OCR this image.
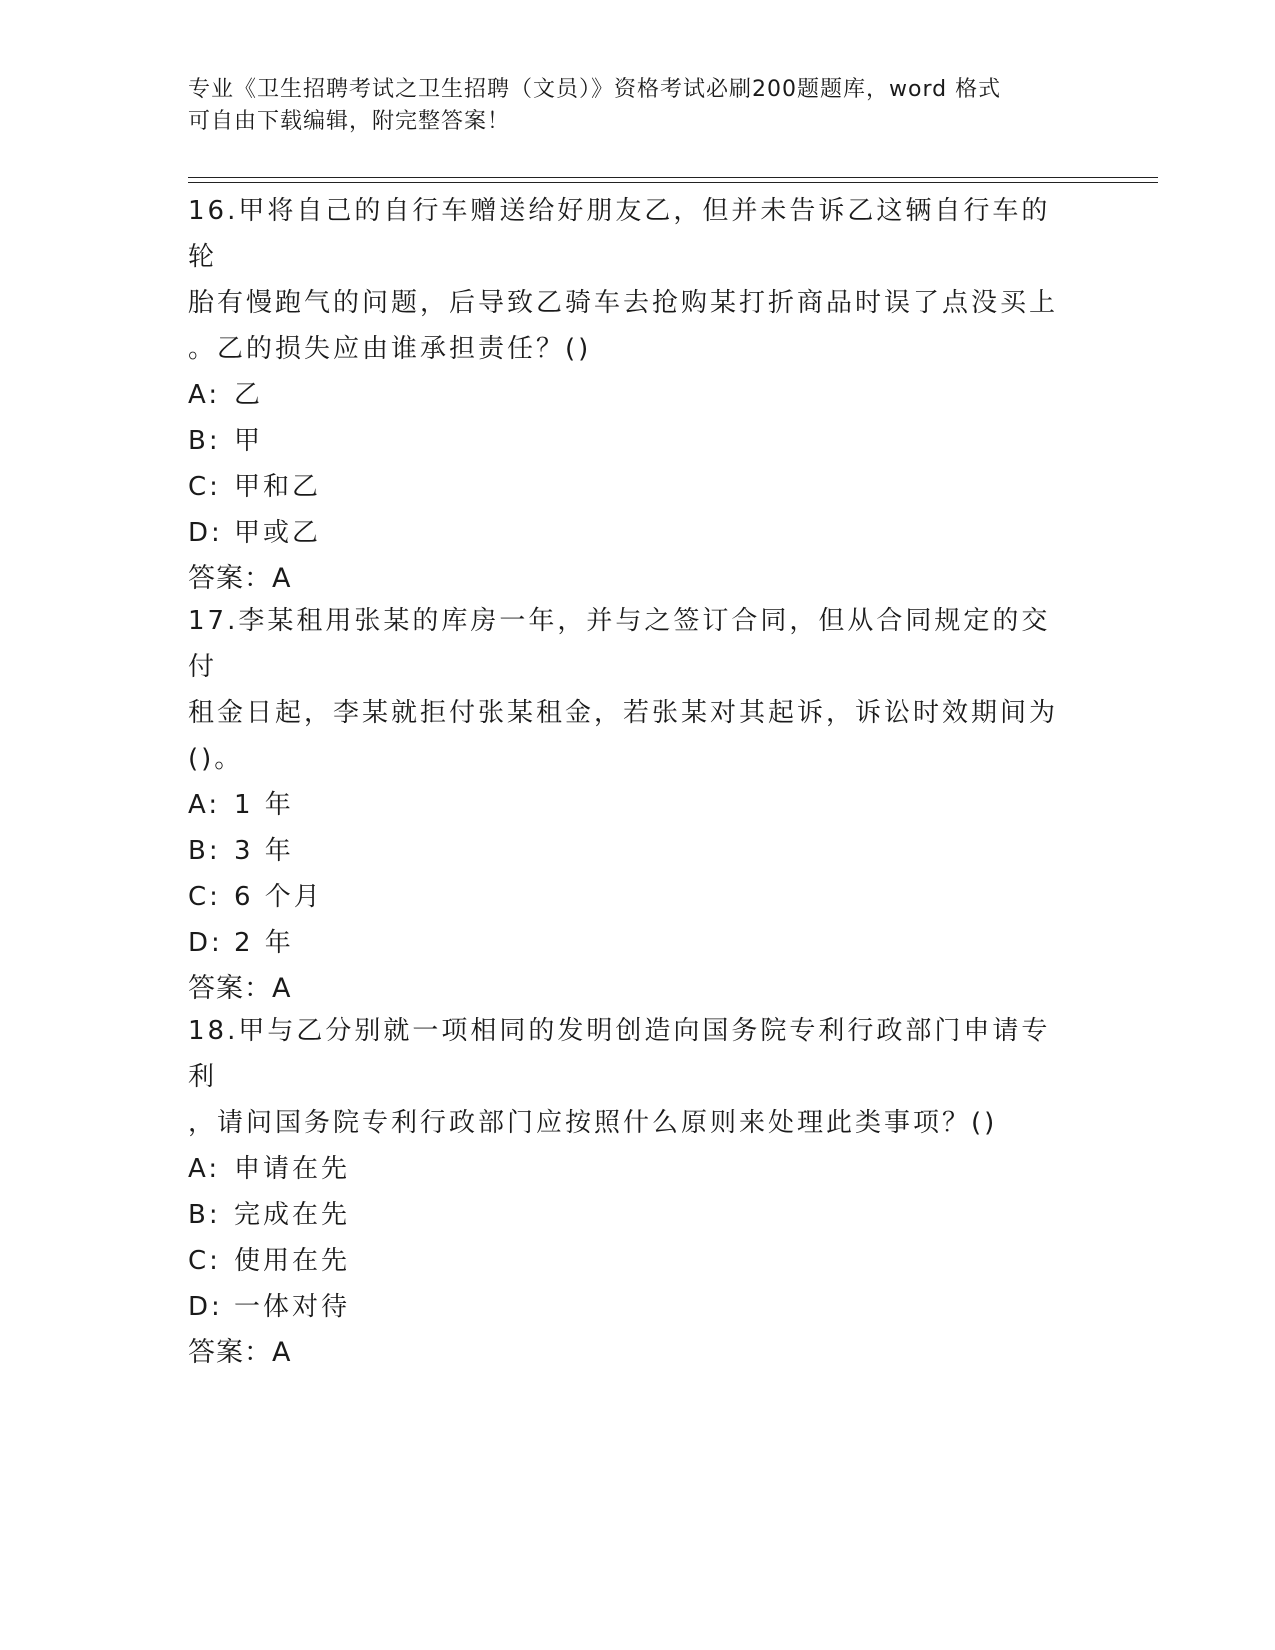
专业《卫生招聘考试之卫生招聘（文员）》资格考试必刷200题题库，word 格式
可自由下载编辑，附完整答案！
16.甲将自己的自行车赠送给好朋友乙，但并未告诉乙这辆自行车的轮
胎有慢跑气的问题，后导致乙骑车去抢购某打折商品时误了点没买上
。乙的损失应由谁承担责任？()
A: 乙
B: 甲
C: 甲和乙
D: 甲或乙
答案：A
17.李某租用张某的库房一年，并与之签订合同，但从合同规定的交付
租金日起，李某就拒付张某租金，若张某对其起诉，诉讼时效期间为
()。
A: 1 年
B: 3 年
C: 6 个月
D: 2 年
答案：A
18.甲与乙分别就一项相同的发明创造向国务院专利行政部门申请专利
，请问国务院专利行政部门应按照什么原则来处理此类事项？()
A: 申请在先
B: 完成在先
C: 使用在先
D: 一体对待
答案：A
